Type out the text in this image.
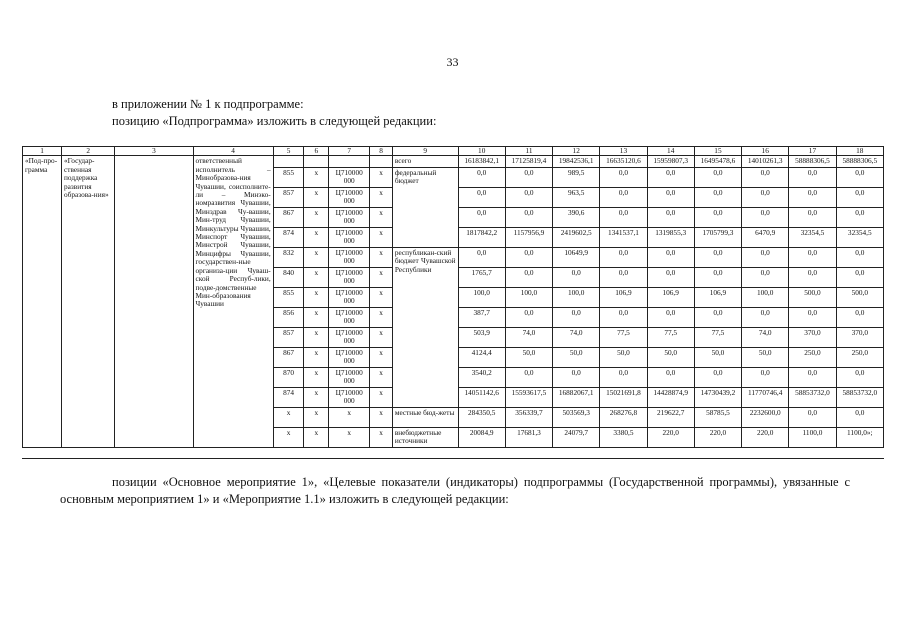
33
в приложении № 1 к подпрограмме:
позицию «Подпрограмма» изложить в следующей редакции:
1	2	3	4	5	6	7	8	9	10	11	12	13	14	15	16	17	18
«Под-про-грамма	«Государ-ственная поддержка развития образова-ния»		ответственный исполнитель – Минобразова-ния Чувашии, соисполните-ли – Минэко-номразвития Чувашии, Минздрав Чу-вашии, Мин-труд Чувашии, Минкультуры Чувашии, Минспорт Чувашии, Минстрой Чувашии, Минцифры Чувашии, государствен-ные организа-ции Чуваш-ской Респуб-лики, подве-домственные Мин-образования Чувашии					всего	16183842,1	17125819,4	19842536,1	16635120,6	15959807,3	16495478,6	14010261,3	58888306,5	58888306,5
				855	x	Ц710000 000	x	федеральный бюджет	0,0	0,0	989,5	0,0	0,0	0,0	0,0	0,0	0,0
				857	x	Ц710000 000	x		0,0	0,0	963,5	0,0	0,0	0,0	0,0	0,0	0,0
				867	x	Ц710000 000	x		0,0	0,0	390,6	0,0	0,0	0,0	0,0	0,0	0,0
				874	x	Ц710000 000	x		1817842,2	1157956,9	2419602,5	1341537,1	1319855,3	1705799,3	6470,9	32354,5	32354,5
				832	x	Ц710000 000	x	республикан-ский бюджет Чувашской Республики	0,0	0,0	10649,9	0,0	0,0	0,0	0,0	0,0	0,0
				840	x	Ц710000 000	x		1765,7	0,0	0,0	0,0	0,0	0,0	0,0	0,0	0,0
				855	x	Ц710000 000	x		100,0	100,0	100,0	106,9	106,9	106,9	100,0	500,0	500,0
				856	x	Ц710000 000	x		387,7	0,0	0,0	0,0	0,0	0,0	0,0	0,0	0,0
				857	x	Ц710000 000	x		503,9	74,0	74,0	77,5	77,5	77,5	74,0	370,0	370,0
				867	x	Ц710000 000	x		4124,4	50,0	50,0	50,0	50,0	50,0	50,0	250,0	250,0
				870	x	Ц710000 000	x		3540,2	0,0	0,0	0,0	0,0	0,0	0,0	0,0	0,0
				874	x	Ц710000 000	x		14051142,6	15593617,5	16882067,1	15021691,8	14428874,9	14730439,2	11770746,4	58853732,0	58853732,0
				x	x	x	x	местные бюд-жеты	284350,5	356339,7	503569,3	268276,8	219622,7	58785,5	2232600,0	0,0	0,0
				x	x	x	x	внебюджетные источники	20084,9	17681,3	24079,7	3380,5	220,0	220,0	220,0	1100,0	1100,0»;
позиции «Основное мероприятие 1», «Целевые показатели (индикаторы) подпрограммы (Государственной программы), увязанные с основным мероприятием 1» и «Мероприятие 1.1» изложить в следующей редакции:
